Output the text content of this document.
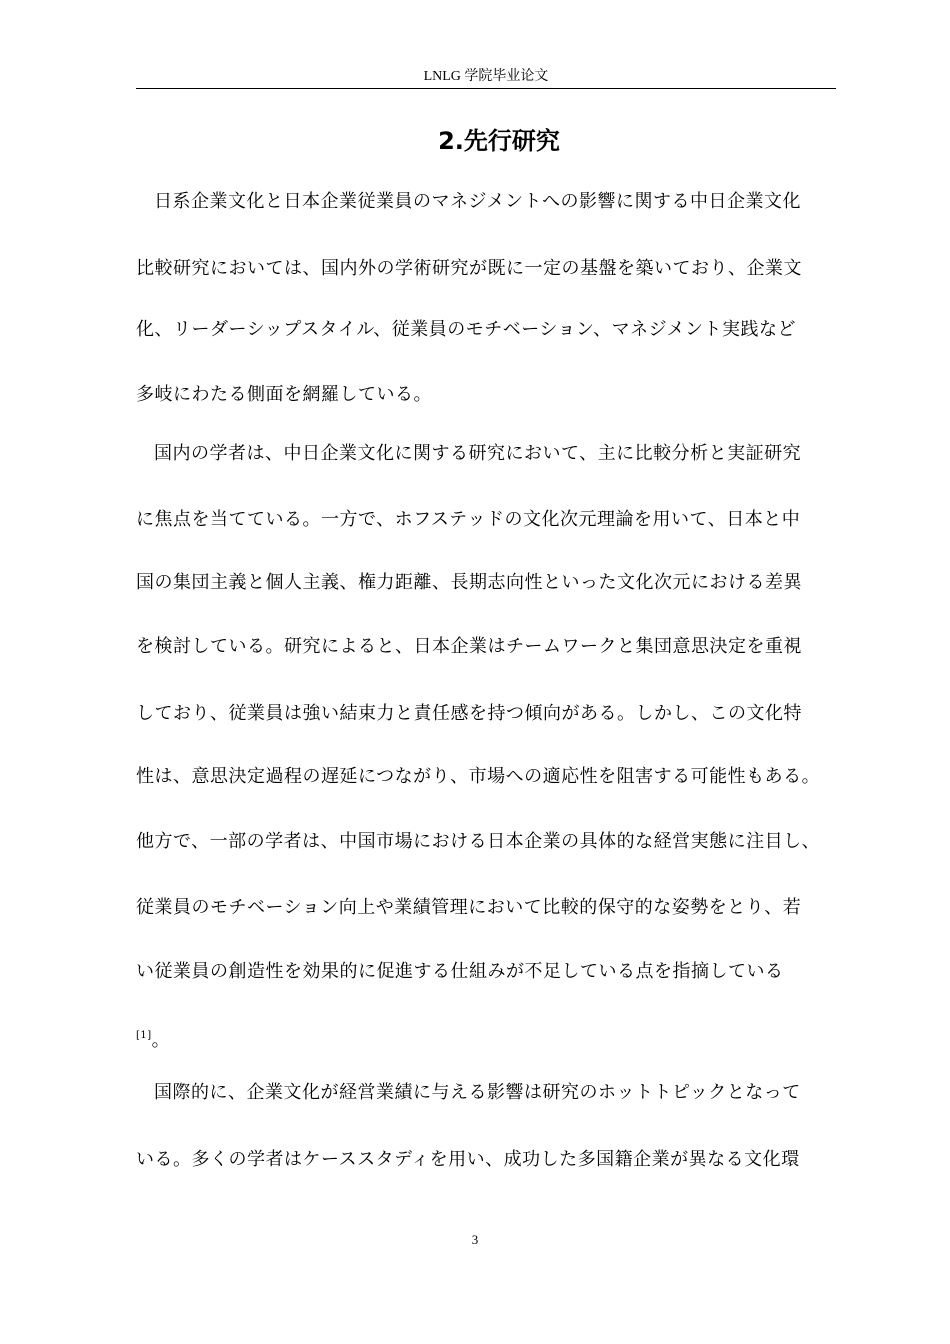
LNLG 学院毕业论文
2.先行研究
日系企業文化と日本企業従業員のマネジメントへの影響に関する中日企業文化
比較研究においては、国内外の学術研究が既に一定の基盤を築いており、企業文
化、リーダーシップスタイル、従業員のモチベーション、マネジメント実践など
多岐にわたる側面を網羅している。
国内の学者は、中日企業文化に関する研究において、主に比較分析と実証研究
に焦点を当てている。一方で、ホフステッドの文化次元理論を用いて、日本と中
国の集団主義と個人主義、権力距離、長期志向性といった文化次元における差異
を検討している。研究によると、日本企業はチームワークと集団意思決定を重視
しており、従業員は強い結束力と責任感を持つ傾向がある。しかし、この文化特
性は、意思決定過程の遅延につながり、市場への適応性を阻害する可能性もある。
他方で、一部の学者は、中国市場における日本企業の具体的な経営実態に注目し、
従業員のモチベーション向上や業績管理において比較的保守的な姿勢をとり、若
い従業員の創造性を効果的に促進する仕組みが不足している点を指摘している
[1]。
国際的に、企業文化が経営業績に与える影響は研究のホットトピックとなって
いる。多くの学者はケーススタディを用い、成功した多国籍企業が異なる文化環
3
